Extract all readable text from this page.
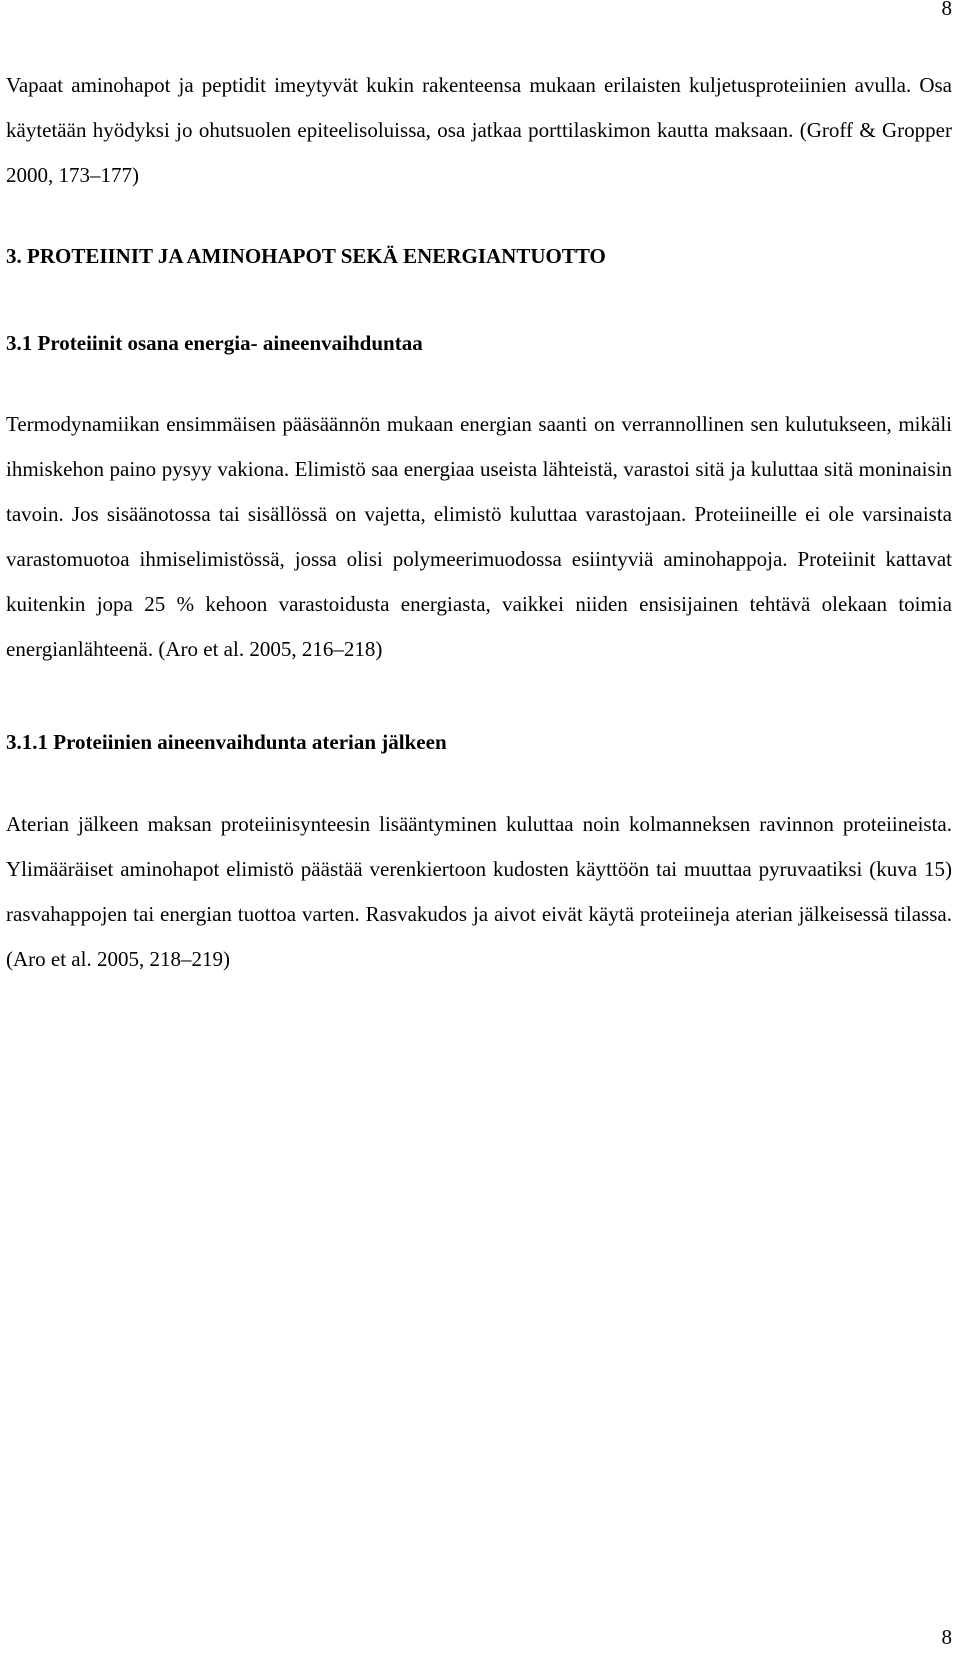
8

Vapaat aminohapot ja peptidit imeytyvät kukin rakenteensa mukaan erilaisten kuljetusproteiinien avulla. Osa käytetään hyödyksi jo ohutsuolen epiteelisoluissa, osa jatkaa porttilaskimon kautta maksaan. (Groff & Gropper 2000, 173–177)

3. PROTEIINIT JA AMINOHAPOT SEKÄ ENERGIANTUOTTO
3.1 Proteiinit osana energia- aineenvaihduntaa

Termodynamiikan ensimmäisen pääsäännön mukaan energian saanti on verrannollinen sen kulutukseen, mikäli ihmiskehon paino pysyy vakiona. Elimistö saa energiaa useista lähteistä, varastoi sitä ja kuluttaa sitä moninaisin tavoin. Jos sisäänotossa tai sisällössä on vajetta, elimistö kuluttaa varastojaan. Proteiineille ei ole varsinaista varastomuotoa ihmiselimistössä, jossa olisi polymeerimuodossa esiintyviä aminohappoja. Proteiinit kattavat kuitenkin jopa 25 % kehoon varastoidusta energiasta, vaikkei niiden ensisijainen tehtävä olekaan toimia energianlähteenä. (Aro et al. 2005, 216–218)

3.1.1 Proteiinien aineenvaihdunta aterian jälkeen

Aterian jälkeen maksan proteiinisynteesin lisääntyminen kuluttaa noin kolmanneksen ravinnon proteiineista. Ylimääräiset aminohapot elimistö päästää verenkiertoon kudosten käyttöön tai muuttaa pyruvaatiksi (kuva 15) rasvahappojen tai energian tuottoa varten. Rasvakudos ja aivot eivät käytä proteiineja aterian jälkeisessä tilassa. (Aro et al. 2005, 218–219)

8
